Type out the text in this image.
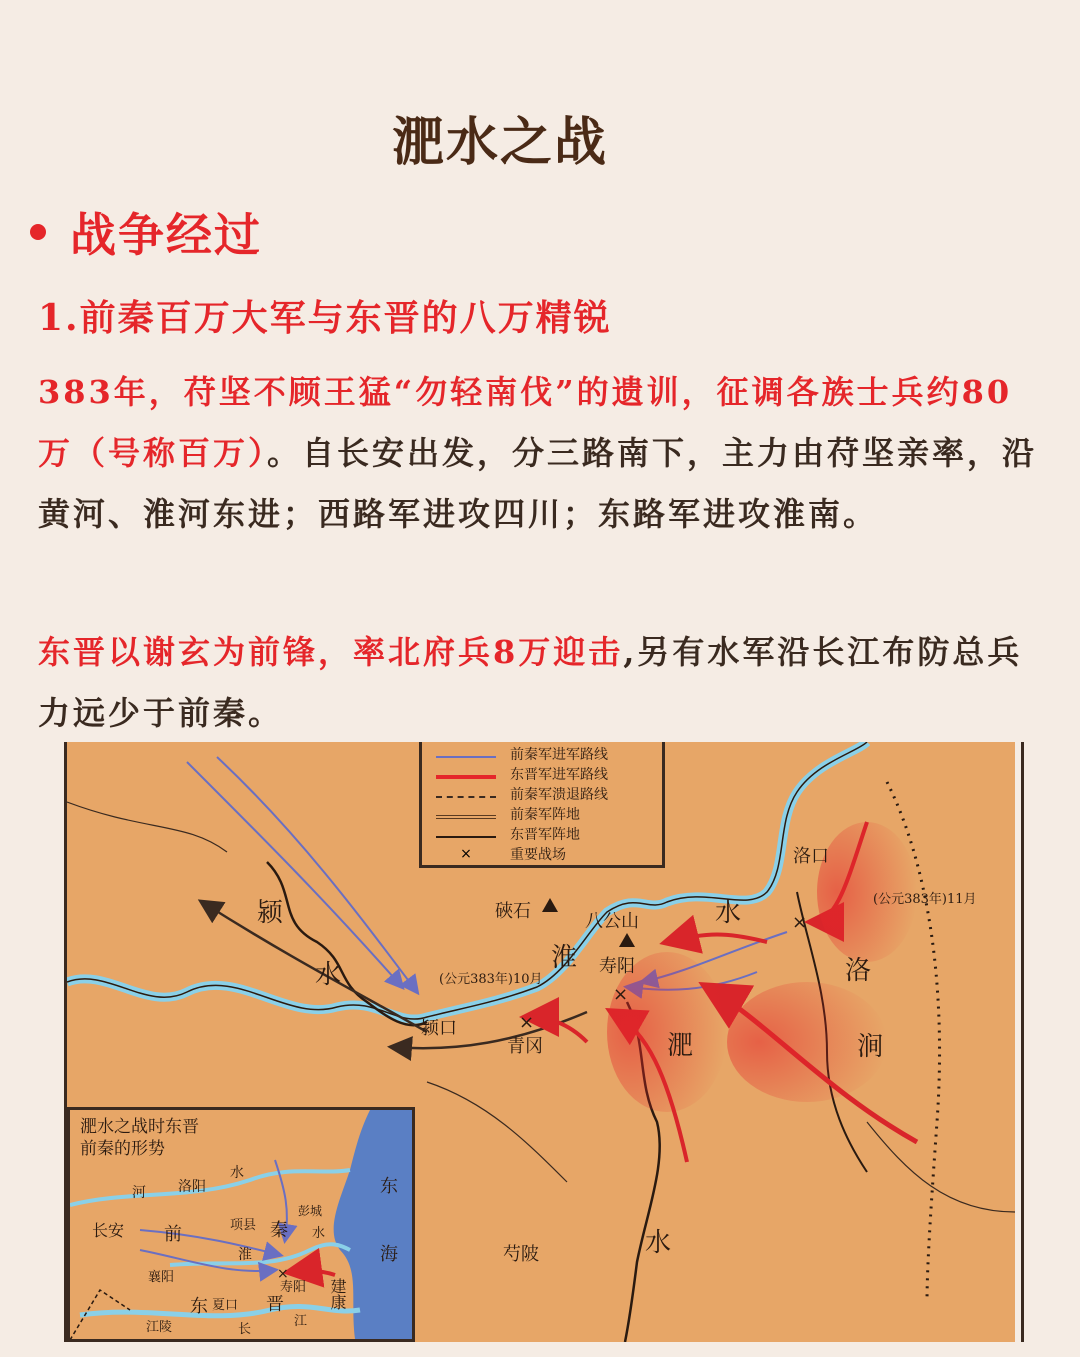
淝水之战
战争经过
1.前秦百万大军与东晋的八万精锐
383年，苻坚不顾王猛“勿轻南伐”的遗训，征调各族士兵约80万（号称百万）。自长安出发，分三路南下，主力由苻坚亲率，沿黄河、淮河东进；西路军进攻四川；东路军进攻淮南。
东晋以谢玄为前锋，率北府兵8万迎击,另有水军沿长江布防总兵力远少于前秦。
×
×
×
前秦军进军路线
东晋军进军路线
前秦军溃退路线
前秦军阵地
东晋军阵地
×	重要战场
颍
水
硤石	八公山
淮 寿阳
(公元383年)10月
颍口
青冈	淝
水
洛口
(公元383年)11月
洛
涧
水
芍陂
×
淝水之战时东晋
前秦的形势
河 洛阳
水
东
海
长安 前	项县 秦
彭城
水
淮
寿阳
襄阳
东 夏口 晋	建康
江陵	长
江
